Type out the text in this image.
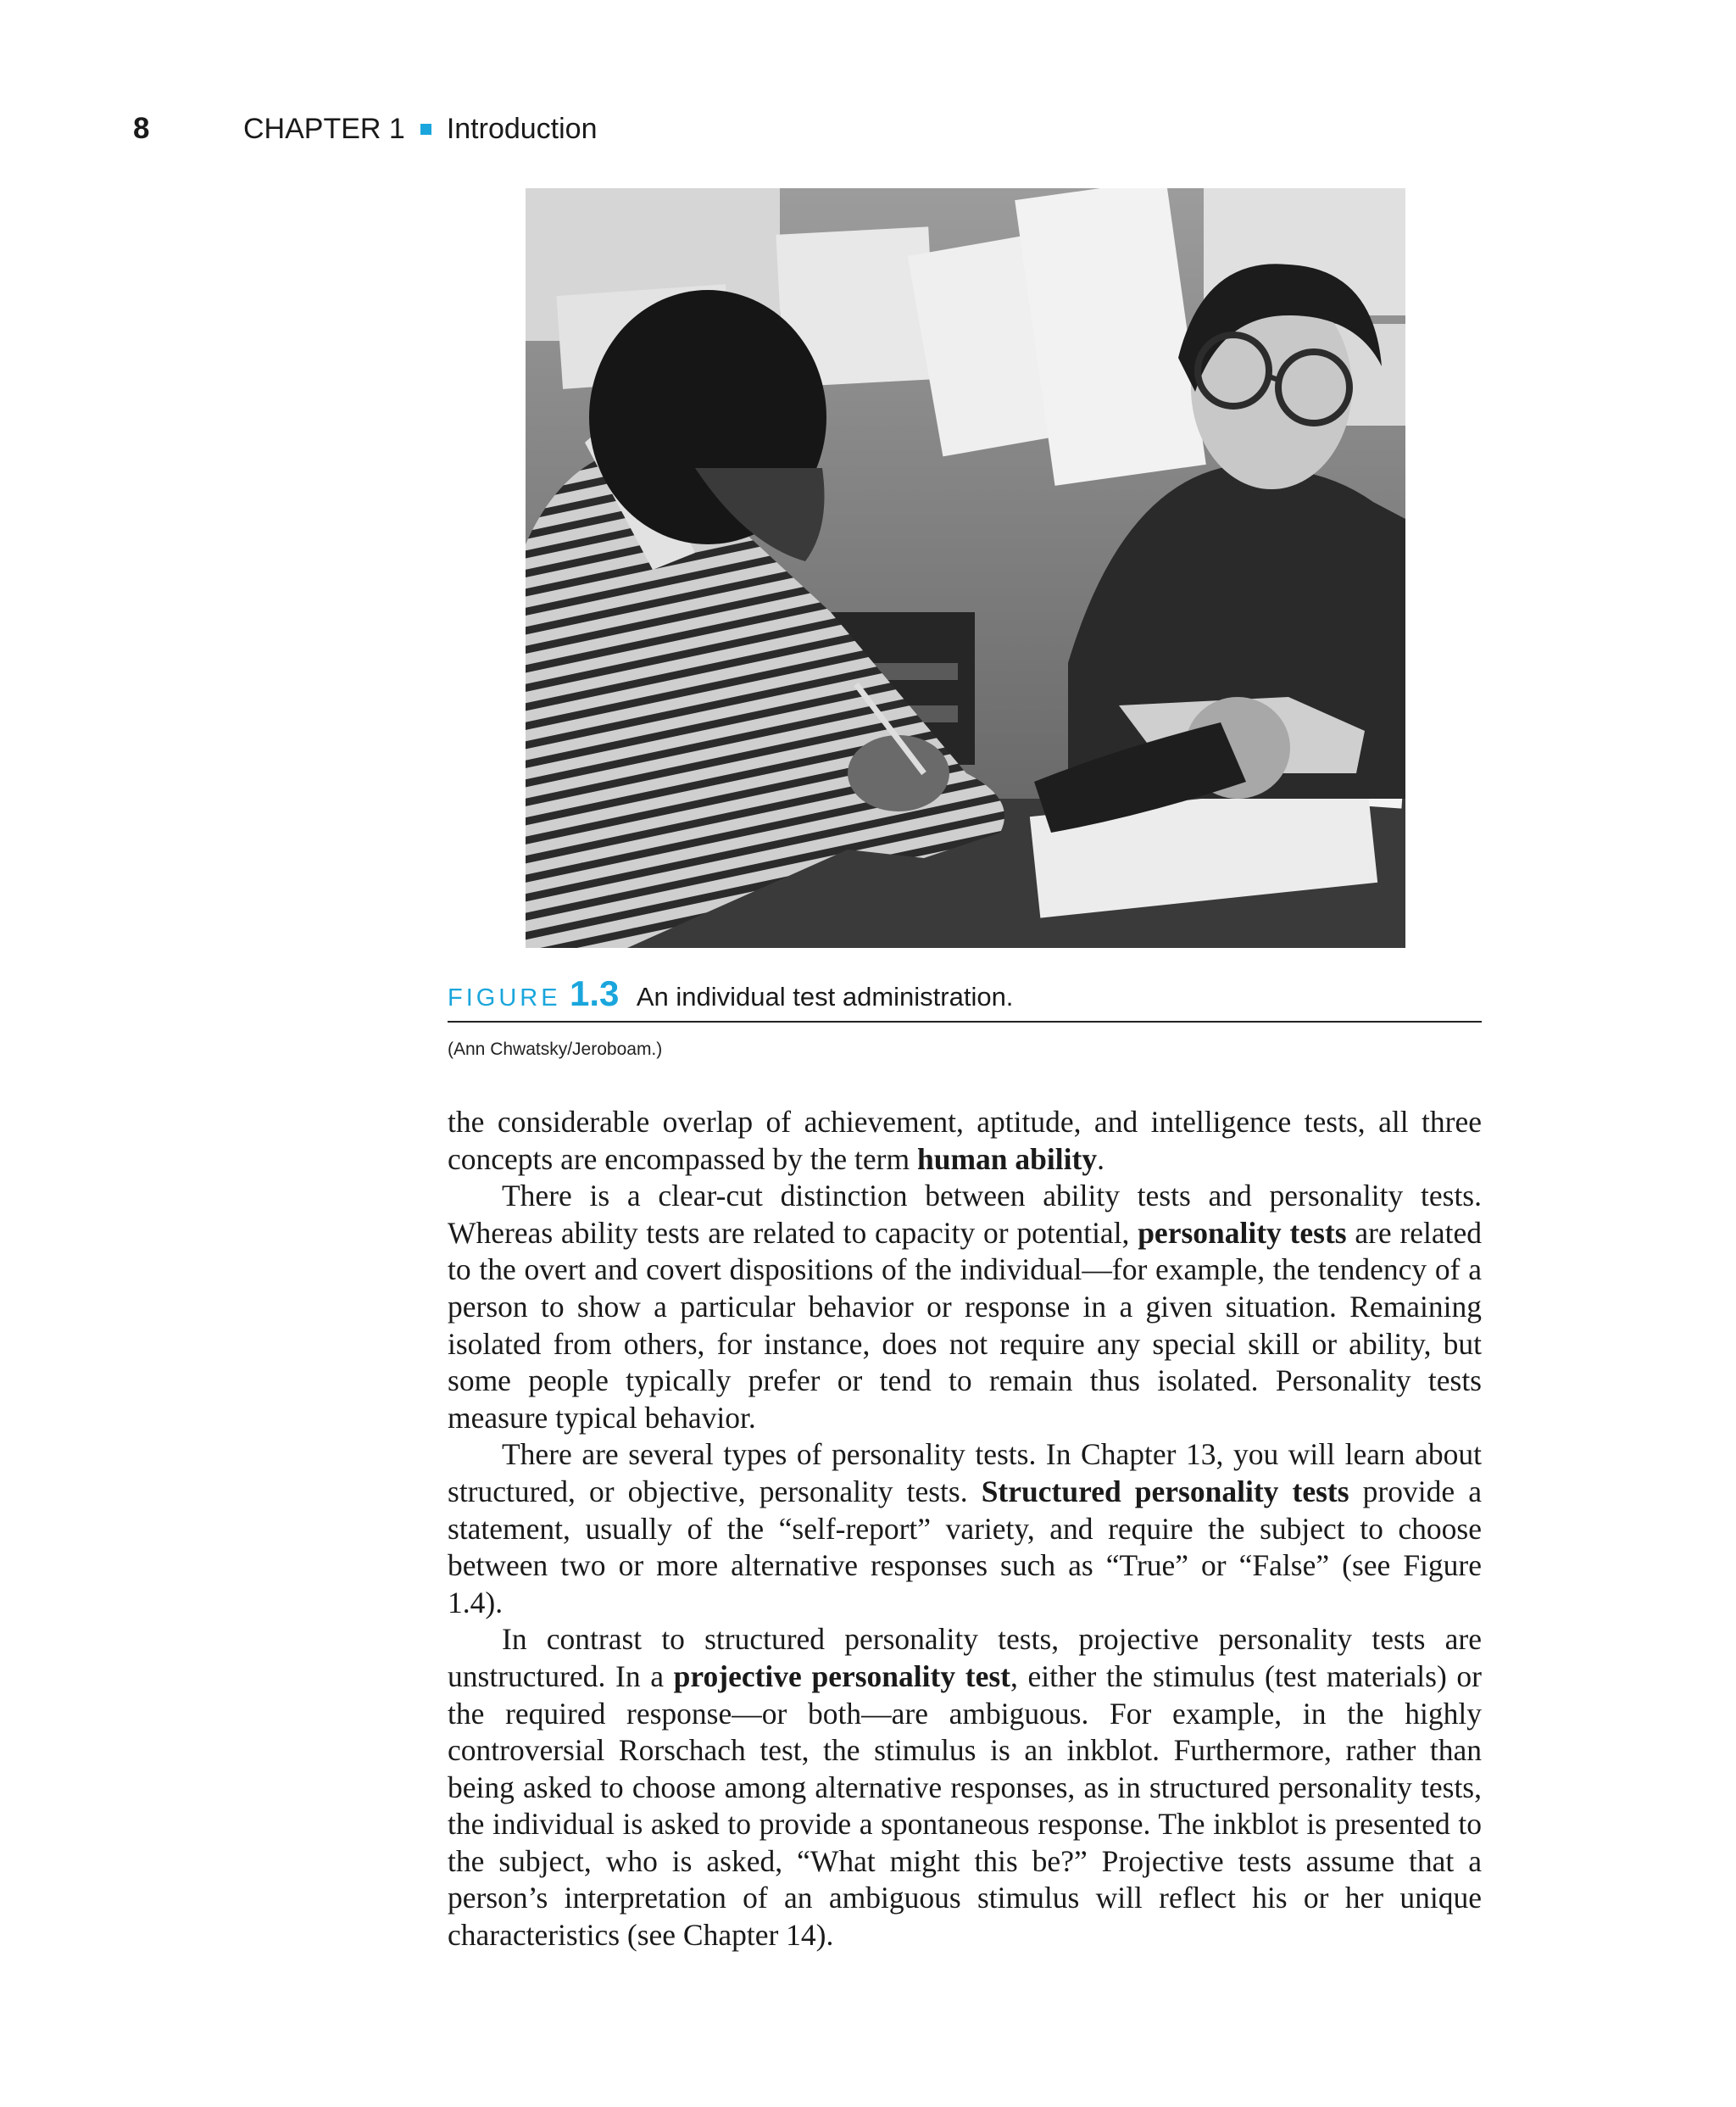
8	CHAPTER 1 Introduction
FIGURE 1.3 An individual test administration.
(Ann Chwatsky/Jeroboam.)

the considerable overlap of achievement, aptitude, and intelligence tests, all three concepts are encompassed by the term human ability.

There is a clear-cut distinction between ability tests and personality tests. Whereas ability tests are related to capacity or potential, personality tests are related to the overt and covert dispositions of the individual—for example, the tendency of a person to show a particular behavior or response in a given situation. Remaining isolated from others, for instance, does not require any special skill or ability, but some people typically prefer or tend to remain thus isolated. Personality tests measure typical behavior.

There are several types of personality tests. In Chapter 13, you will learn about structured, or objective, personality tests. Structured personality tests provide a statement, usually of the “self-report” variety, and require the subject to choose between two or more alternative responses such as “True” or “False” (see Figure 1.4).

In contrast to structured personality tests, projective personality tests are unstructured. In a projective personality test, either the stimulus (test materials) or the required response—or both—are ambiguous. For example, in the highly controversial Rorschach test, the stimulus is an inkblot. Furthermore, rather than being asked to choose among alternative responses, as in structured personality tests, the individual is asked to provide a spontaneous response. The inkblot is presented to the subject, who is asked, “What might this be?” Projective tests assume that a person’s interpretation of an ambiguous stimulus will reflect his or her unique characteristics (see Chapter 14).
